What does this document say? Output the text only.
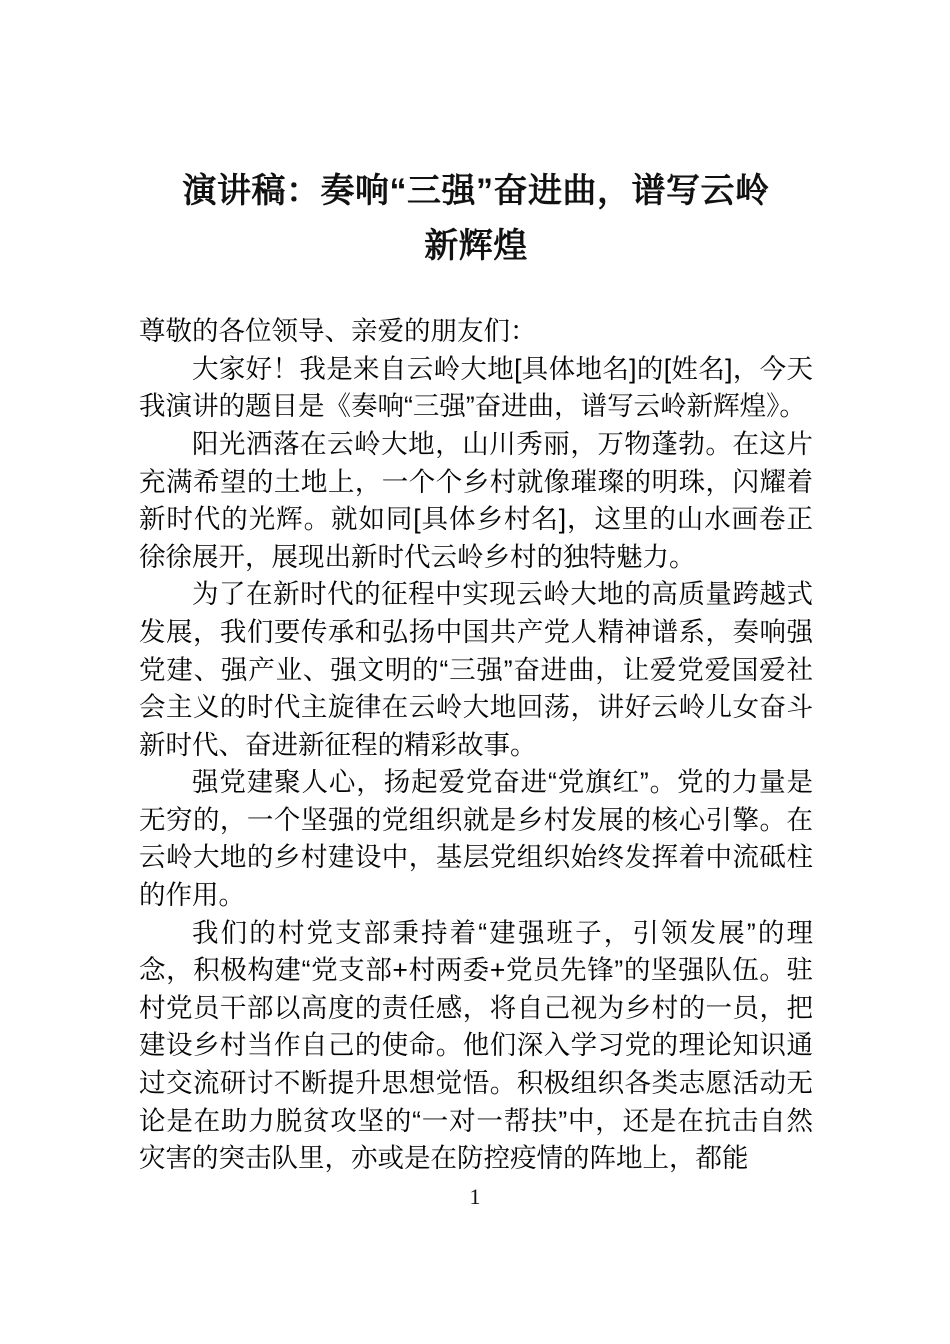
演讲稿：奏响“三强”奋进曲，谱写云岭
新辉煌

尊敬的各位领导、亲爱的朋友们：

大家好！我是来自云岭大地[具体地名]的[姓名]，今天我演讲的题目是《奏响“三强”奋进曲，谱写云岭新辉煌》。

阳光洒落在云岭大地，山川秀丽，万物蓬勃。在这片充满希望的土地上，一个个乡村就像璀璨的明珠，闪耀着新时代的光辉。就如同[具体乡村名]，这里的山水画卷正徐徐展开，展现出新时代云岭乡村的独特魅力。

为了在新时代的征程中实现云岭大地的高质量跨越式发展，我们要传承和弘扬中国共产党人精神谱系，奏响强党建、强产业、强文明的“三强”奋进曲，让爱党爱国爱社会主义的时代主旋律在云岭大地回荡，讲好云岭儿女奋斗新时代、奋进新征程的精彩故事。

强党建聚人心，扬起爱党奋进“党旗红”。党的力量是无穷的，一个坚强的党组织就是乡村发展的核心引擎。在云岭大地的乡村建设中，基层党组织始终发挥着中流砥柱的作用。

我们的村党支部秉持着“建强班子，引领发展”的理念，积极构建“党支部+村两委+党员先锋”的坚强队伍。驻村党员干部以高度的责任感，将自己视为乡村的一员，把建设乡村当作自己的使命。他们深入学习党的理论知识通过交流研讨不断提升思想觉悟。积极组织各类志愿活动无论是在助力脱贫攻坚的“一对一帮扶”中，还是在抗击自然灾害的突击队里，亦或是在防控疫情的阵地上，都能

1
